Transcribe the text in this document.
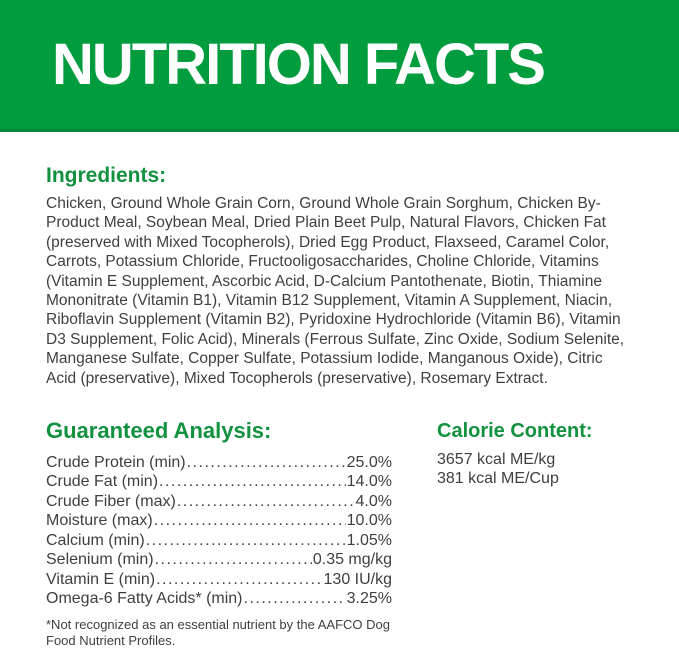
NUTRITION FACTS
Ingredients:

Chicken, Ground Whole Grain Corn, Ground Whole Grain Sorghum, Chicken By-Product Meal, Soybean Meal, Dried Plain Beet Pulp, Natural Flavors, Chicken Fat (preserved with Mixed Tocopherols), Dried Egg Product, Flaxseed, Caramel Color, Carrots, Potassium Chloride, Fructooligosaccharides, Choline Chloride, Vitamins (Vitamin E Supplement, Ascorbic Acid, D-Calcium Pantothenate, Biotin, Thiamine Mononitrate (Vitamin B1), Vitamin B12 Supplement, Vitamin A Supplement, Niacin, Riboflavin Supplement (Vitamin B2), Pyridoxine Hydrochloride (Vitamin B6), Vitamin D3 Supplement, Folic Acid), Minerals (Ferrous Sulfate, Zinc Oxide, Sodium Selenite, Manganese Sulfate, Copper Sulfate, Potassium Iodide, Manganous Oxide), Citric Acid (preservative), Mixed Tocopherols (preservative), Rosemary Extract.

Guaranteed Analysis:
Crude Protein (min) .....	25.0%
Crude Fat (min) .....	14.0%
Crude Fiber (max) .....	4.0%
Moisture (max) .....	10.0%
Calcium (min) .....	1.05%
Selenium (min) .....	0.35 mg/kg
Vitamin E (min) .....	130 IU/kg
Omega-6 Fatty Acids* (min) .....	3.25%
*Not recognized as an essential nutrient by the AAFCO Dog Food Nutrient Profiles.
Calorie Content:
3657 kcal ME/kg
381 kcal ME/Cup
